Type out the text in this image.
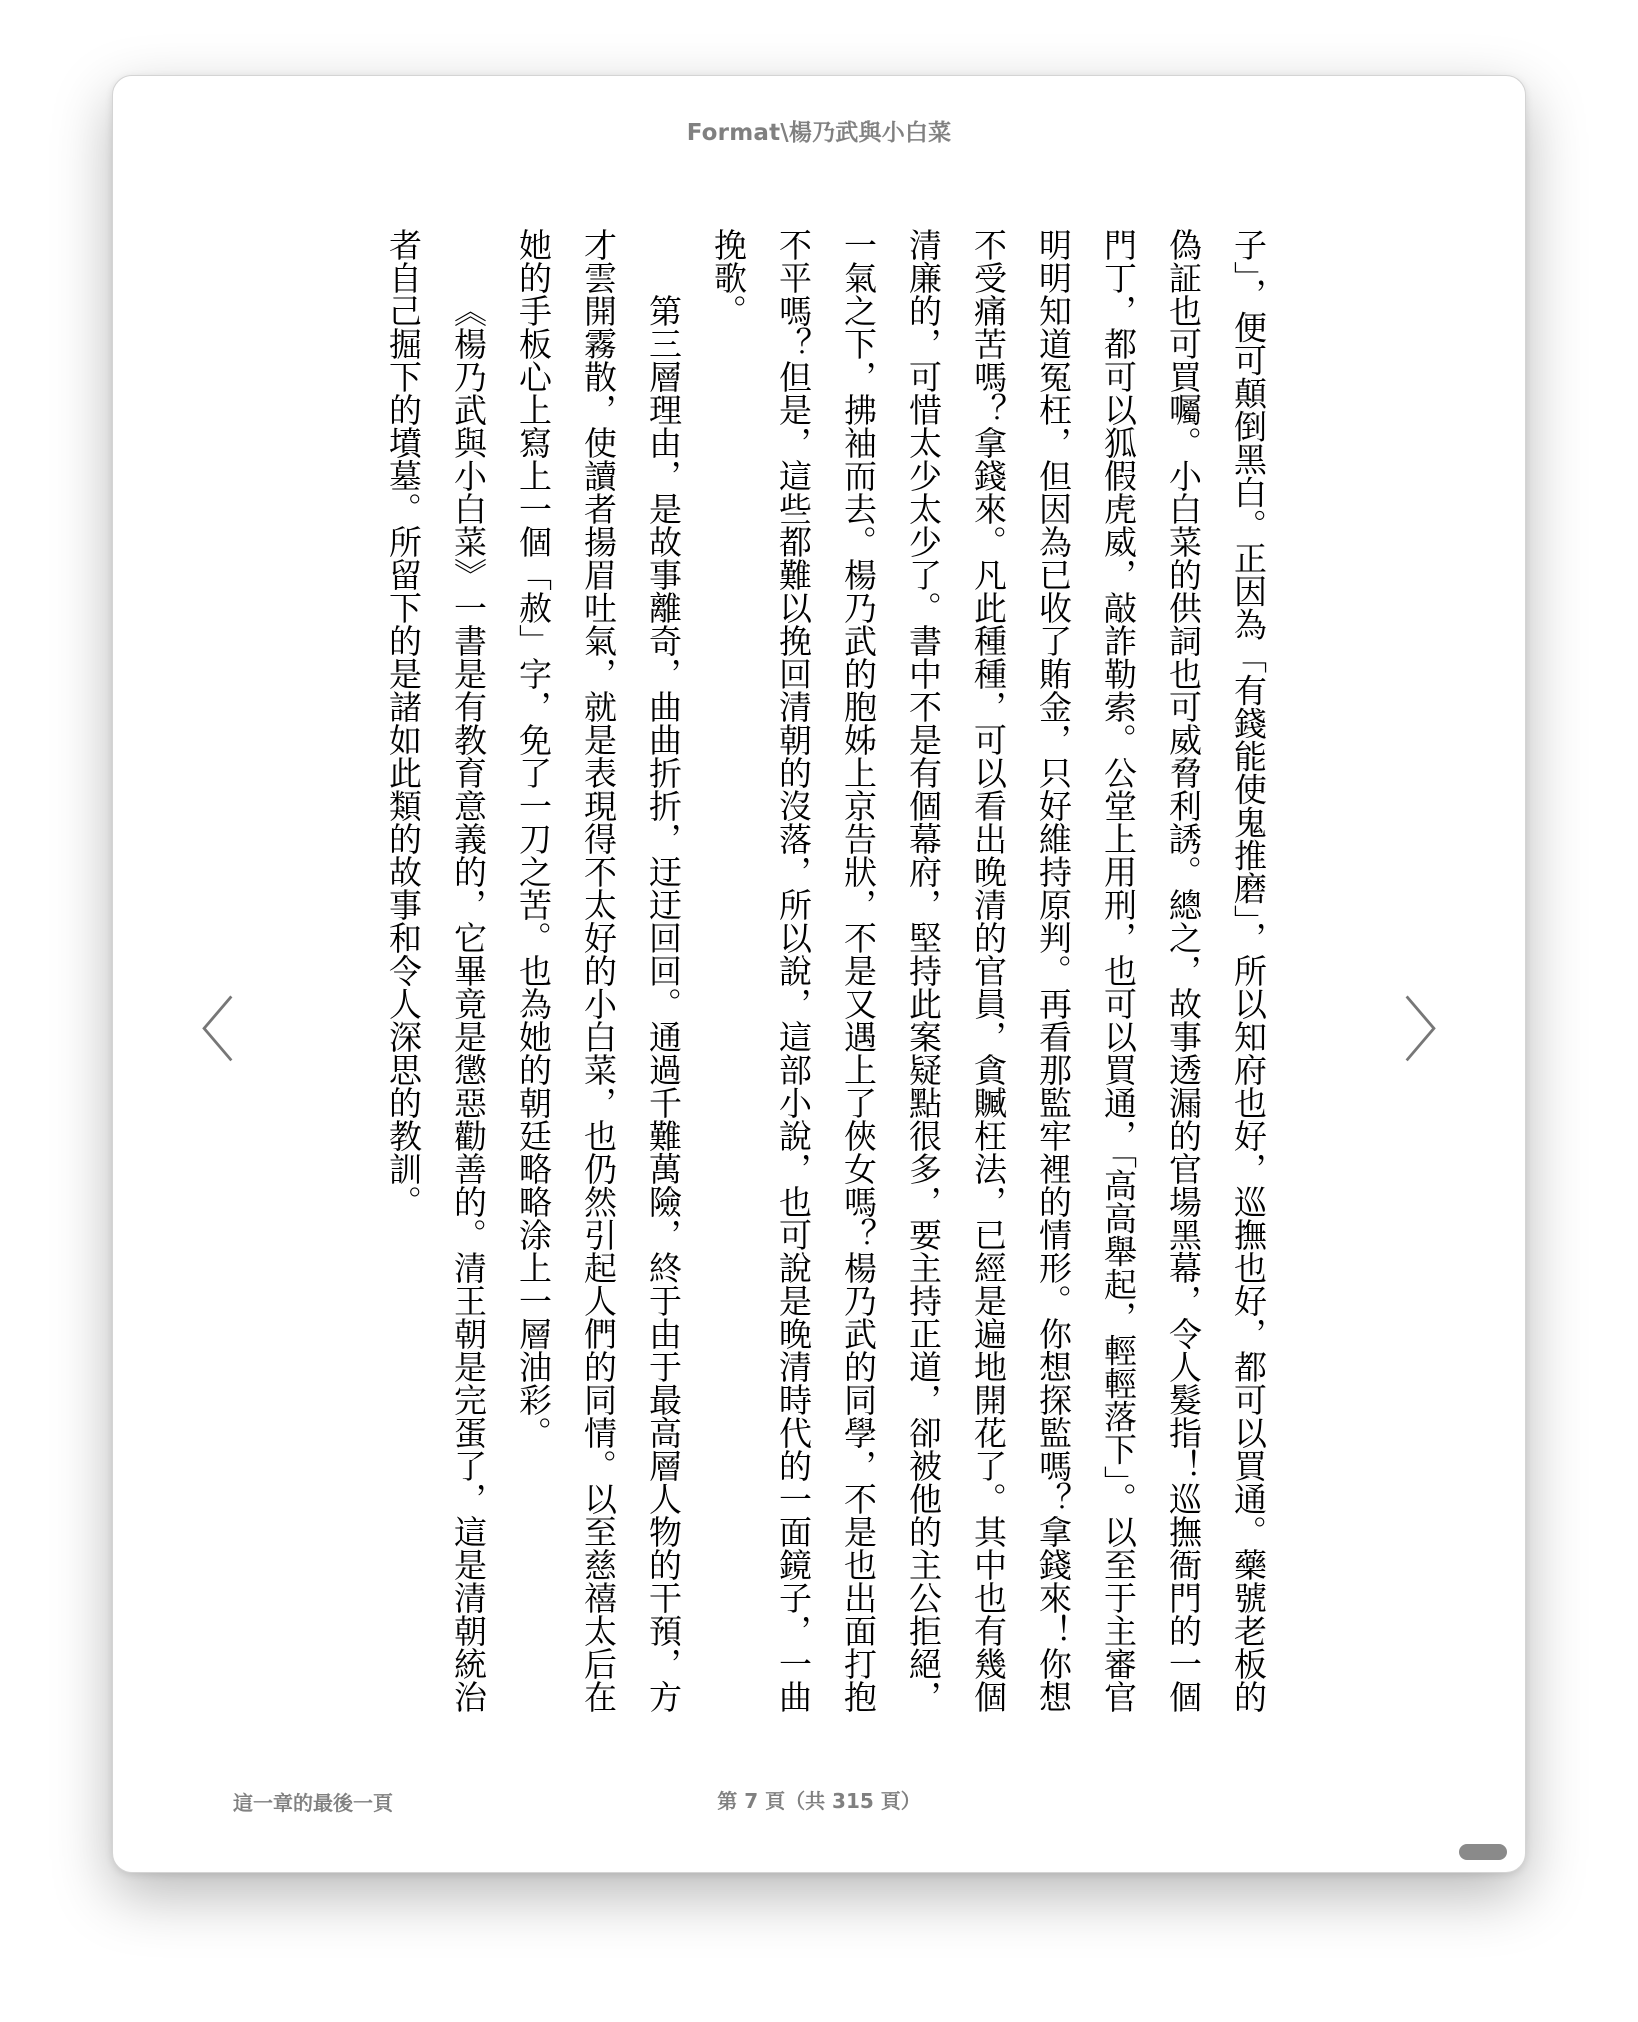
Format\楊乃武與小白菜

子」，便可顛倒黑白。正因為「有錢能使鬼推磨」，所以知府也好，巡撫也好，都可以買通。藥號老板的偽証也可買囑。小白菜的供詞也可威脅利誘。總之，故事透漏的官場黑幕，令人髮指！巡撫衙門的一個門丁，都可以狐假虎威，敲詐勒索。公堂上用刑，也可以買通，「高高舉起，輕輕落下」。以至于主審官明明知道冤枉，但因為已收了賄金，只好維持原判。再看那監牢裡的情形。你想探監嗎？拿錢來！你想不受痛苦嗎？拿錢來。凡此種種，可以看出晚清的官員，貪贓枉法，已經是遍地開花了。其中也有幾個清廉的，可惜太少太少了。書中不是有個幕府，堅持此案疑點很多，要主持正道，卻被他的主公拒絕，一氣之下，拂袖而去。楊乃武的胞姊上京告狀，不是又遇上了俠女嗎？楊乃武的同學，不是也出面打抱不平嗎？但是，這些都難以挽回清朝的沒落，所以說，這部小說，也可說是晚清時代的一面鏡子，一曲挽歌。

第三層理由，是故事離奇，曲曲折折，迂迂回回。通過千難萬險，終于由于最高層人物的干預，方才雲開霧散，使讀者揚眉吐氣，就是表現得不太好的小白菜，也仍然引起人們的同情。以至慈禧太后在她的手板心上寫上一個「赦」字，免了一刀之苦。也為她的朝廷略略涂上一層油彩。

《楊乃武與小白菜》一書是有教育意義的，它畢竟是懲惡勸善的。清王朝是完蛋了，這是清朝統治者自己掘下的墳墓。所留下的是諸如此類的故事和令人深思的教訓。

〈	〉
這一章的最後一頁	第 7 頁（共 315 頁）
